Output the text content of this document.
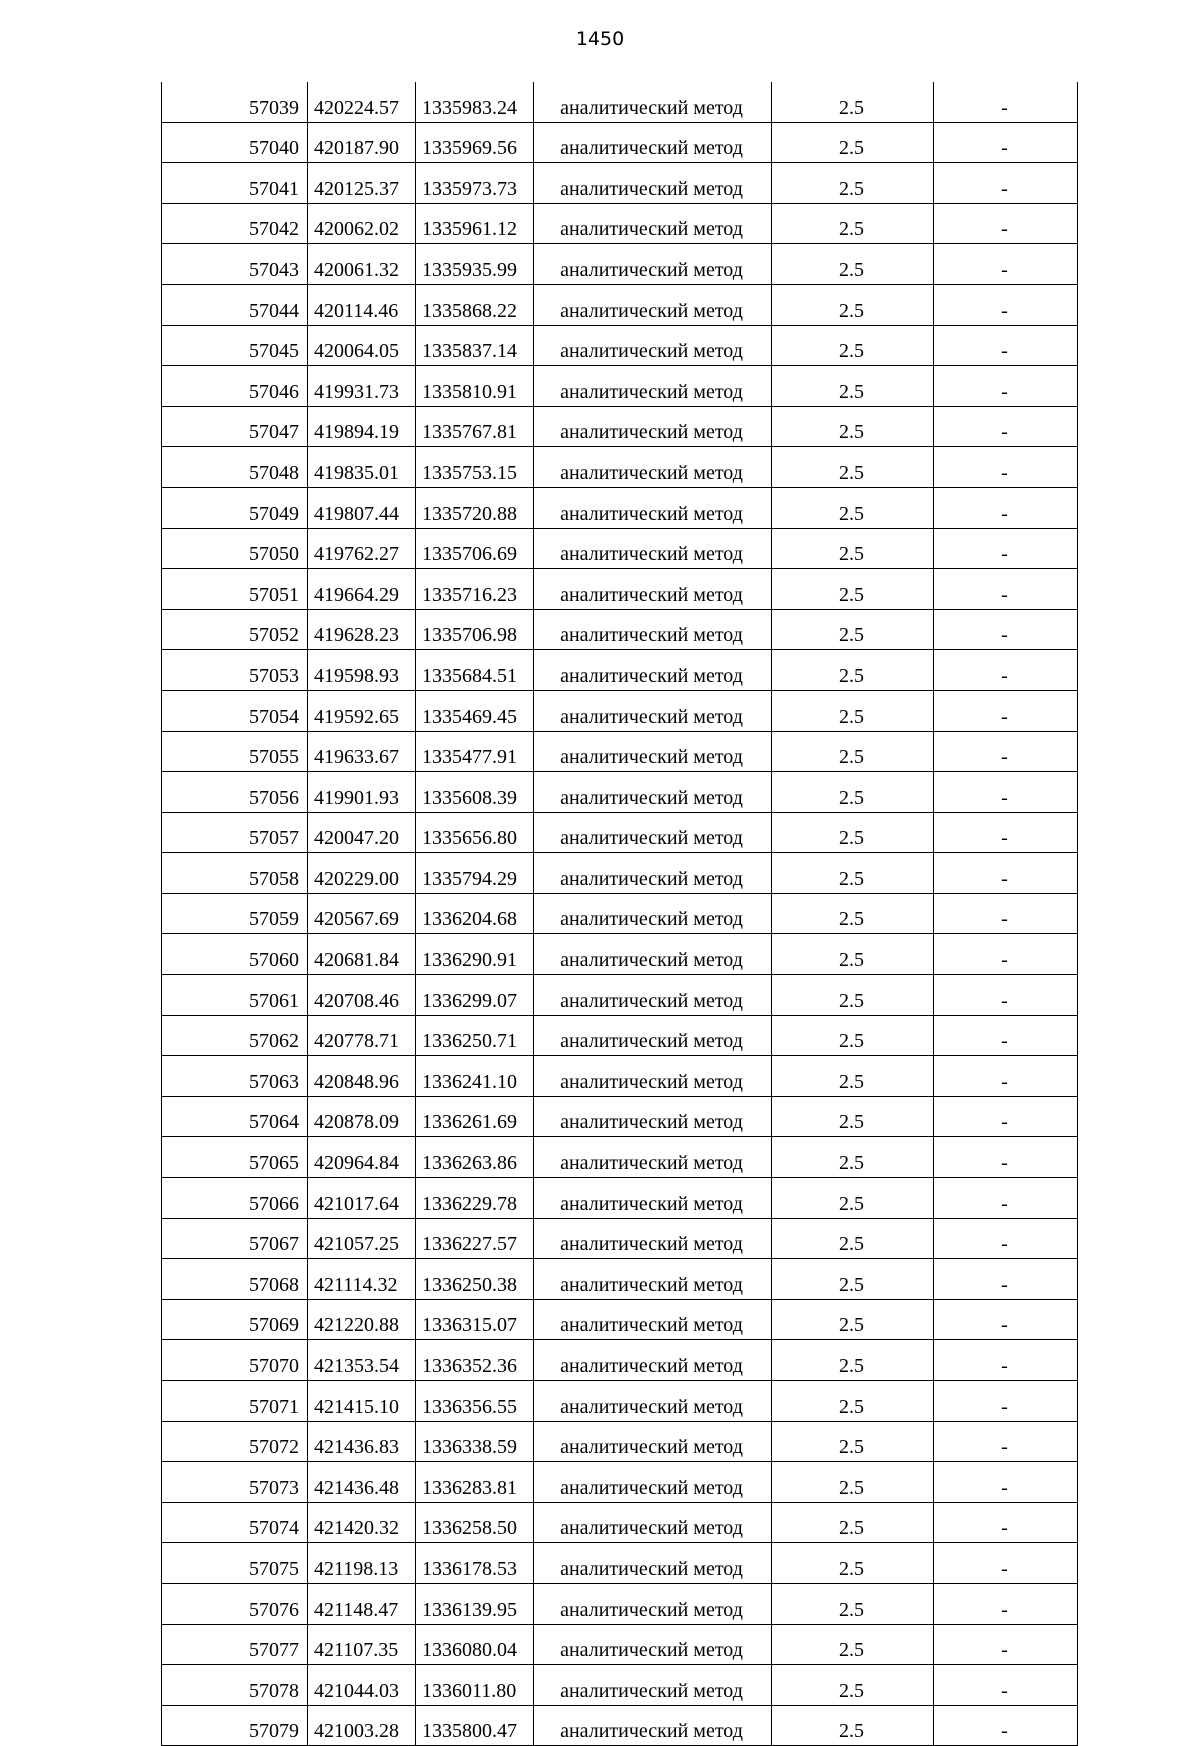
1450
57039	420224.57	1335983.24	аналитический метод	2.5	-
57040	420187.90	1335969.56	аналитический метод	2.5	-
57041	420125.37	1335973.73	аналитический метод	2.5	-
57042	420062.02	1335961.12	аналитический метод	2.5	-
57043	420061.32	1335935.99	аналитический метод	2.5	-
57044	420114.46	1335868.22	аналитический метод	2.5	-
57045	420064.05	1335837.14	аналитический метод	2.5	-
57046	419931.73	1335810.91	аналитический метод	2.5	-
57047	419894.19	1335767.81	аналитический метод	2.5	-
57048	419835.01	1335753.15	аналитический метод	2.5	-
57049	419807.44	1335720.88	аналитический метод	2.5	-
57050	419762.27	1335706.69	аналитический метод	2.5	-
57051	419664.29	1335716.23	аналитический метод	2.5	-
57052	419628.23	1335706.98	аналитический метод	2.5	-
57053	419598.93	1335684.51	аналитический метод	2.5	-
57054	419592.65	1335469.45	аналитический метод	2.5	-
57055	419633.67	1335477.91	аналитический метод	2.5	-
57056	419901.93	1335608.39	аналитический метод	2.5	-
57057	420047.20	1335656.80	аналитический метод	2.5	-
57058	420229.00	1335794.29	аналитический метод	2.5	-
57059	420567.69	1336204.68	аналитический метод	2.5	-
57060	420681.84	1336290.91	аналитический метод	2.5	-
57061	420708.46	1336299.07	аналитический метод	2.5	-
57062	420778.71	1336250.71	аналитический метод	2.5	-
57063	420848.96	1336241.10	аналитический метод	2.5	-
57064	420878.09	1336261.69	аналитический метод	2.5	-
57065	420964.84	1336263.86	аналитический метод	2.5	-
57066	421017.64	1336229.78	аналитический метод	2.5	-
57067	421057.25	1336227.57	аналитический метод	2.5	-
57068	421114.32	1336250.38	аналитический метод	2.5	-
57069	421220.88	1336315.07	аналитический метод	2.5	-
57070	421353.54	1336352.36	аналитический метод	2.5	-
57071	421415.10	1336356.55	аналитический метод	2.5	-
57072	421436.83	1336338.59	аналитический метод	2.5	-
57073	421436.48	1336283.81	аналитический метод	2.5	-
57074	421420.32	1336258.50	аналитический метод	2.5	-
57075	421198.13	1336178.53	аналитический метод	2.5	-
57076	421148.47	1336139.95	аналитический метод	2.5	-
57077	421107.35	1336080.04	аналитический метод	2.5	-
57078	421044.03	1336011.80	аналитический метод	2.5	-
57079	421003.28	1335800.47	аналитический метод	2.5	-
